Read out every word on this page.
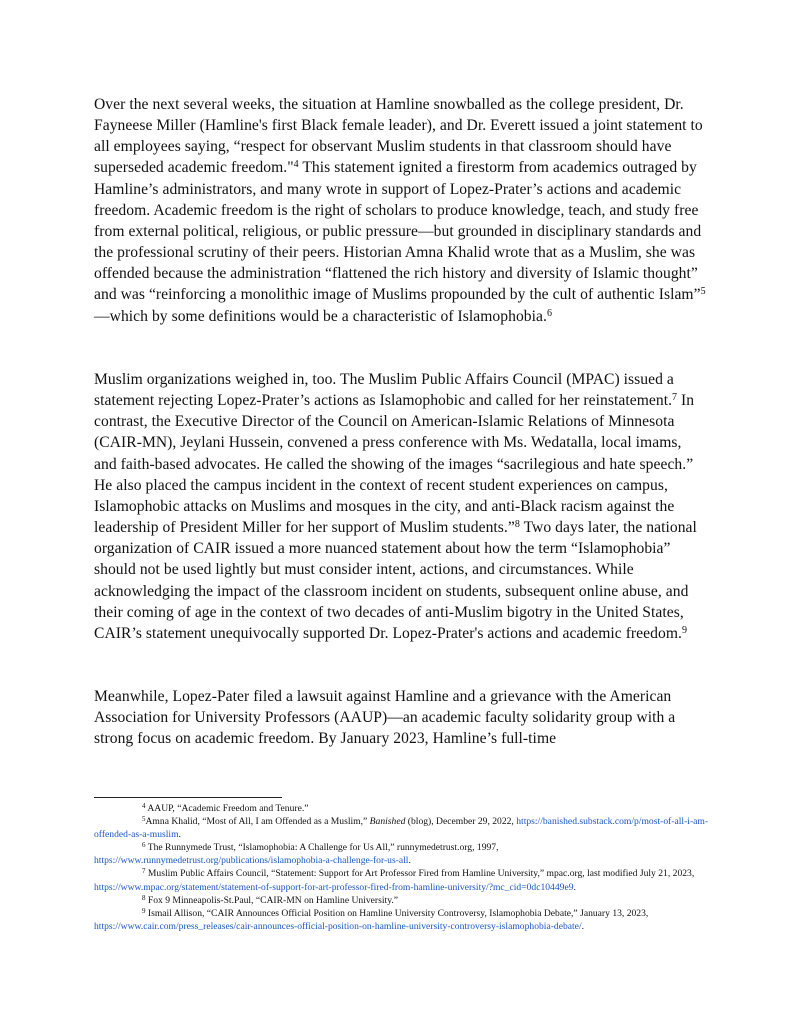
Over the next several weeks, the situation at Hamline snowballed as the college president, Dr. Fayneese Miller (Hamline's first Black female leader), and Dr. Everett issued a joint statement to all employees saying, “respect for observant Muslim students in that classroom should have superseded academic freedom."$^4$ This statement ignited a firestorm from academics outraged by Hamline’s administrators, and many wrote in support of Lopez-Prater’s actions and academic freedom. Academic freedom is the right of scholars to produce knowledge, teach, and study free from external political, religious, or public pressure—but grounded in disciplinary standards and the professional scrutiny of their peers. Historian Amna Khalid wrote that as a Muslim, she was offended because the administration “flattened the rich history and diversity of Islamic thought” and was “reinforcing a monolithic image of Muslims propounded by the cult of authentic Islam”$^5$—which by some definitions would be a characteristic of Islamophobia.$^6$

Muslim organizations weighed in, too. The Muslim Public Affairs Council (MPAC) issued a statement rejecting Lopez-Prater’s actions as Islamophobic and called for her reinstatement.$^7$ In contrast, the Executive Director of the Council on American-Islamic Relations of Minnesota (CAIR-MN), Jeylani Hussein, convened a press conference with Ms. Wedatalla, local imams, and faith-based advocates. He called the showing of the images “sacrilegious and hate speech.” He also placed the campus incident in the context of recent student experiences on campus, Islamophobic attacks on Muslims and mosques in the city, and anti-Black racism against the leadership of President Miller for her support of Muslim students.”$^8$ Two days later, the national organization of CAIR issued a more nuanced statement about how the term “Islamophobia” should not be used lightly but must consider intent, actions, and circumstances. While acknowledging the impact of the classroom incident on students, subsequent online abuse, and their coming of age in the context of two decades of anti-Muslim bigotry in the United States, CAIR’s statement unequivocally supported Dr. Lopez-Prater's actions and academic freedom.$^9$

Meanwhile, Lopez-Pater filed a lawsuit against Hamline and a grievance with the American Association for University Professors (AAUP)—an academic faculty solidarity group with a strong focus on academic freedom. By January 2023, Hamline’s full-time

$^4$ AAUP, “Academic Freedom and Tenure.”

$^5$Amna Khalid, “Most of All, I am Offended as a Muslim,” Banished (blog), December 29, 2022, https://banished.substack.com/p/most-of-all-i-am-offended-as-a-muslim.

$^6$ The Runnymede Trust, “Islamophobia: A Challenge for Us All,” runnymedetrust.org, 1997, https://www.runnymedetrust.org/publications/islamophobia-a-challenge-for-us-all.

$^7$ Muslim Public Affairs Council, “Statement: Support for Art Professor Fired from Hamline University,” mpac.org, last modified July 21, 2023, https://www.mpac.org/statement/statement-of-support-for-art-professor-fired-from-hamline-university/?mc_cid=0dc10449e9.

$^8$ Fox 9 Minneapolis-St.Paul, “CAIR-MN on Hamline University.”

$^9$ Ismail Allison, “CAIR Announces Official Position on Hamline University Controversy, Islamophobia Debate,” January 13, 2023, https://www.cair.com/press_releases/cair-announces-official-position-on-hamline-university-controversy-islamophobia-debate/.
